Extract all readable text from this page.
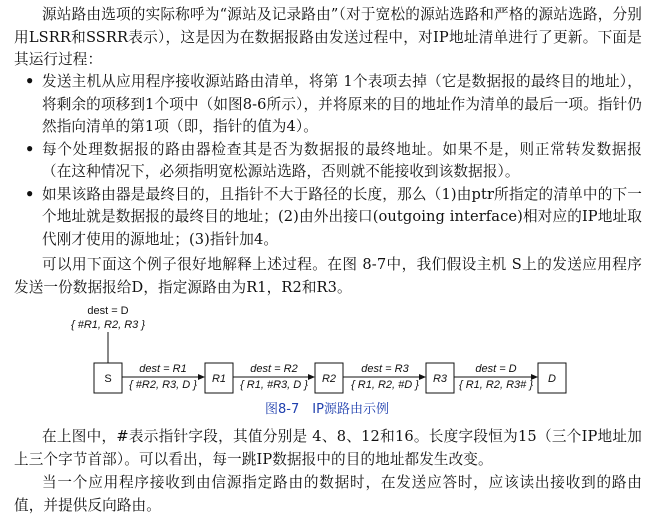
源站路由选项的实际称呼为“源站及记录路由”（对于宽松的源站选路和严格的源站选路，分别用LSRR和SSRR表示），这是因为在数据报路由发送过程中，对IP地址清单进行了更新。下面是其运行过程：

• 发送主机从应用程序接收源站路由清单，将第 1个表项去掉（它是数据报的最终目的地址），将剩余的项移到1个项中（如图8-6所示），并将原来的目的地址作为清单的最后一项。指针仍然指向清单的第1项（即，指针的值为4）。
• 每个处理数据报的路由器检查其是否为数据报的最终地址。如果不是，则正常转发数据报（在这种情况下，必须指明宽松源站选路，否则就不能接收到该数据报）。
• 如果该路由器是最终目的，且指针不大于路径的长度，那么（1)由ptr所指定的清单中的下一个地址就是数据报的最终目的地址；(2)由外出接口(outgoing interface)相对应的IP地址取代刚才使用的源地址；(3)指针加4。

可以用下面这个例子很好地解释上述过程。在图 8-7中，我们假设主机 S上的发送应用程序发送一份数据报给D，指定源路由为R1，R2和R3。

dest = D
{ #R1, R2, R3 }
S	R1	R2	R3	D
dest = R1
{ #R2, R3, D }
dest = R2
{ R1, #R3, D }
dest = R3
{ R1, R2, #D }
dest = D
{ R1, R2, R3# }
图8-7　IP源路由示例

在上图中，#表示指针字段，其值分别是 4、8、12和16。长度字段恒为15（三个IP地址加上三个字节首部）。可以看出，每一跳IP数据报中的目的地址都发生改变。

当一个应用程序接收到由信源指定路由的数据时，在发送应答时，应该读出接收到的路由值，并提供反向路由。
